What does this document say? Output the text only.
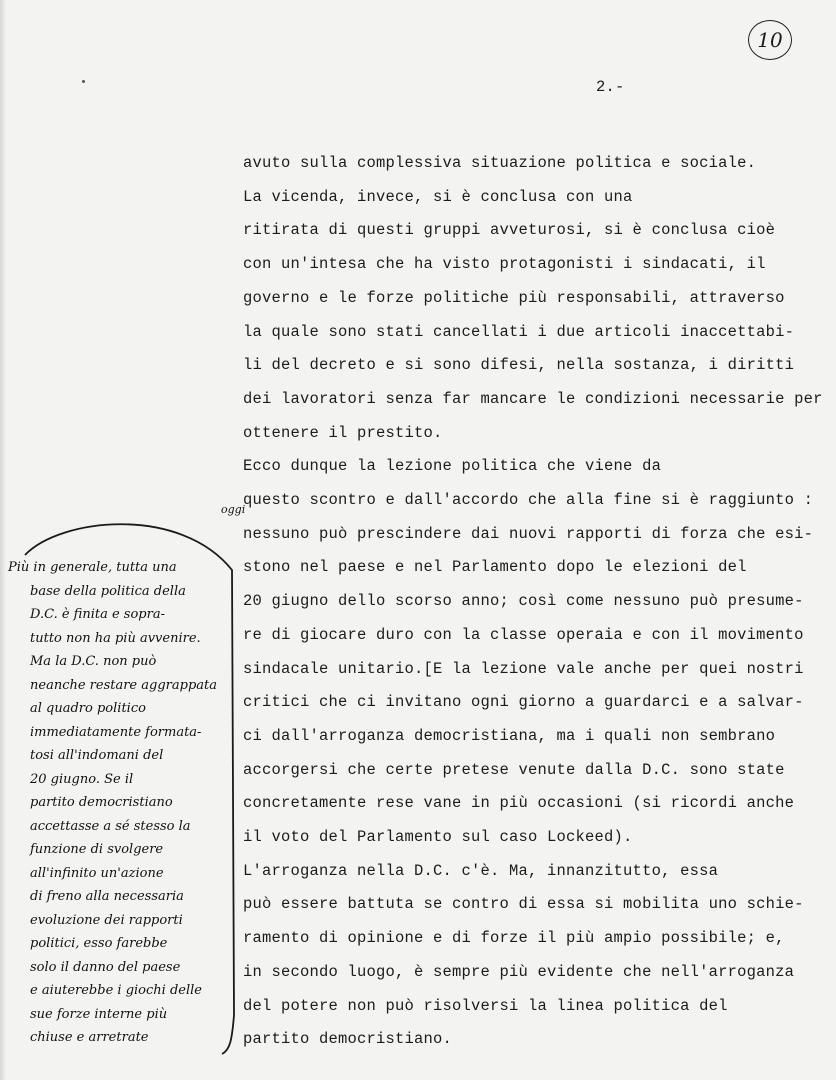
10
2.-
avuto sulla complessiva situazione politica e sociale.
La vicenda, invece, si è conclusa con una
ritirata di questi gruppi avveturosi, si è conclusa cioè
con un'intesa che ha visto protagonisti i sindacati, il
governo e le forze politiche più responsabili, attraverso
la quale sono stati cancellati i due articoli inaccettabi-
li del decreto e si sono difesi, nella sostanza, i diritti
dei lavoratori senza far mancare le condizioni necessarie per
ottenere il prestito.
Ecco dunque la lezione politica che viene da
questo scontro e dall'accordo che alla fine si è raggiunto :
nessuno può prescindere dai nuovi rapporti di forza che esi-
stono nel paese e nel Parlamento dopo le elezioni del
20 giugno dello scorso anno; così come nessuno può presume-
re di giocare duro con la classe operaia e con il movimento
sindacale unitario.[E la lezione vale anche per quei nostri
critici che ci invitano ogni giorno a guardarci e a salvar-
ci dall'arroganza democristiana, ma i quali non sembrano
accorgersi che certe pretese venute dalla D.C. sono state
concretamente rese vane in più occasioni (si ricordi anche
il voto del Parlamento sul caso Lockeed).
L'arroganza nella D.C. c'è. Ma, innanzitutto, essa
può essere battuta se contro di essa si mobilita uno schie-
ramento di opinione e di forze il più ampio possibile; e,
in secondo luogo, è sempre più evidente che nell'arroganza
del potere non può risolversi la linea politica del
partito democristiano.
oggi
Più in generale, tutta una
base della politica della
D.C. è finita e sopra-
tutto non ha più avvenire.
Ma la D.C. non può
neanche restare aggrappata
al quadro politico
immediatamente formata-
tosi all'indomani del
20 giugno. Se il
partito democristiano
accettasse a sé stesso la
funzione di svolgere
all'infinito un'azione
di freno alla necessaria
evoluzione dei rapporti
politici, esso farebbe
solo il danno del paese
e aiuterebbe i giochi delle
sue forze interne più
chiuse e arretrate
